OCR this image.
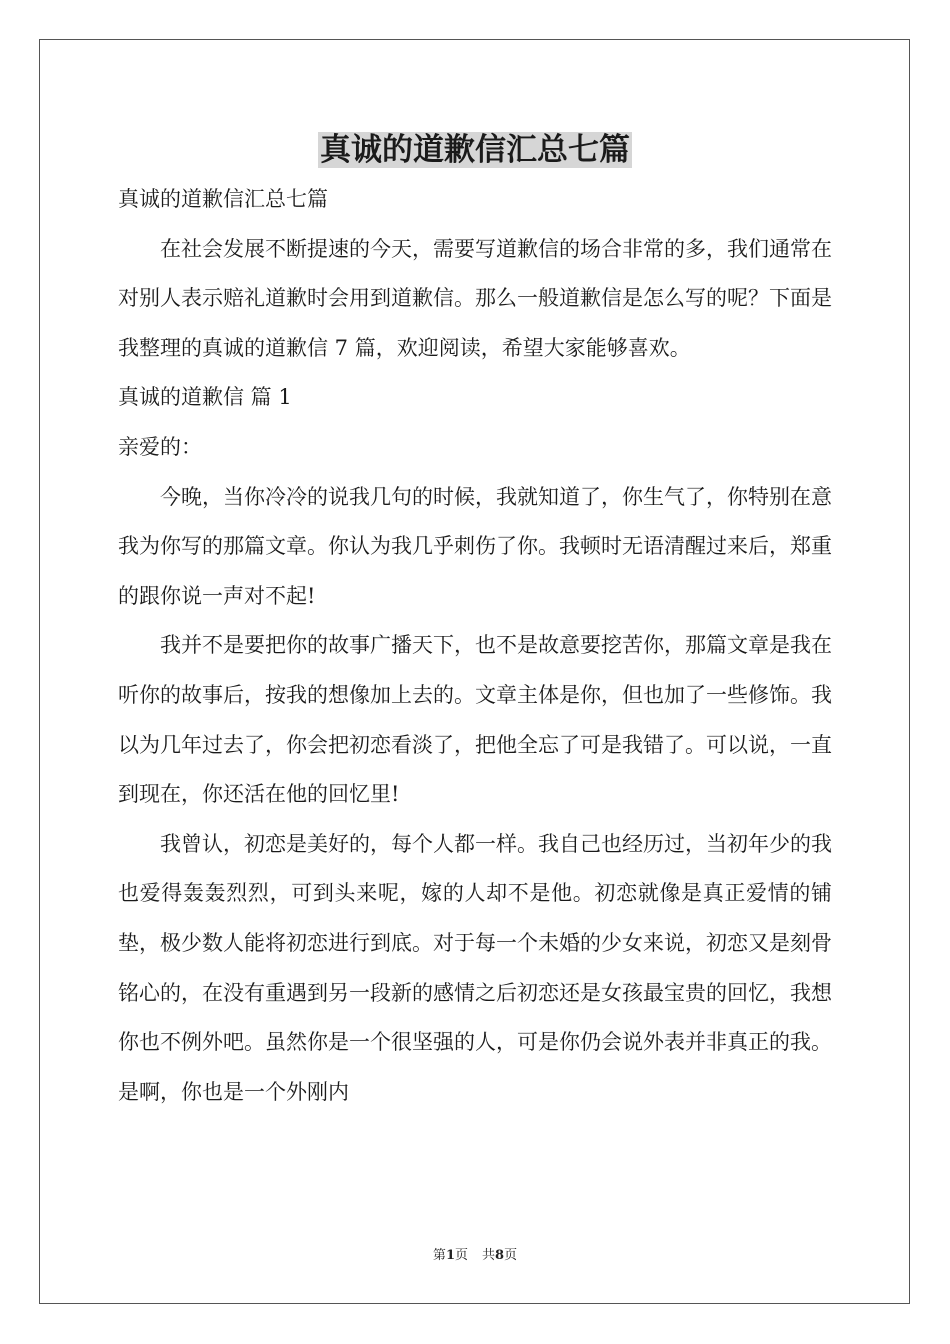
真诚的道歉信汇总七篇

真诚的道歉信汇总七篇

在社会发展不断提速的今天，需要写道歉信的场合非常的多，我们通常在对别人表示赔礼道歉时会用到道歉信。那么一般道歉信是怎么写的呢？下面是我整理的真诚的道歉信 7 篇，欢迎阅读，希望大家能够喜欢。

真诚的道歉信 篇 1

亲爱的：

今晚，当你冷冷的说我几句的时候，我就知道了，你生气了，你特别在意我为你写的那篇文章。你认为我几乎刺伤了你。我顿时无语清醒过来后，郑重的跟你说一声对不起!

我并不是要把你的故事广播天下，也不是故意要挖苦你，那篇文章是我在听你的故事后，按我的想像加上去的。文章主体是你，但也加了一些修饰。我以为几年过去了，你会把初恋看淡了，把他全忘了可是我错了。可以说，一直到现在，你还活在他的回忆里!

我曾认，初恋是美好的，每个人都一样。我自己也经历过，当初年少的我也爱得轰轰烈烈，可到头来呢，嫁的人却不是他。初恋就像是真正爱情的铺垫，极少数人能将初恋进行到底。对于每一个未婚的少女来说，初恋又是刻骨铭心的，在没有重遇到另一段新的感情之后初恋还是女孩最宝贵的回忆，我想你也不例外吧。虽然你是一个很坚强的人，可是你仍会说外表并非真正的我。是啊，你也是一个外刚内

第1页 共8页
